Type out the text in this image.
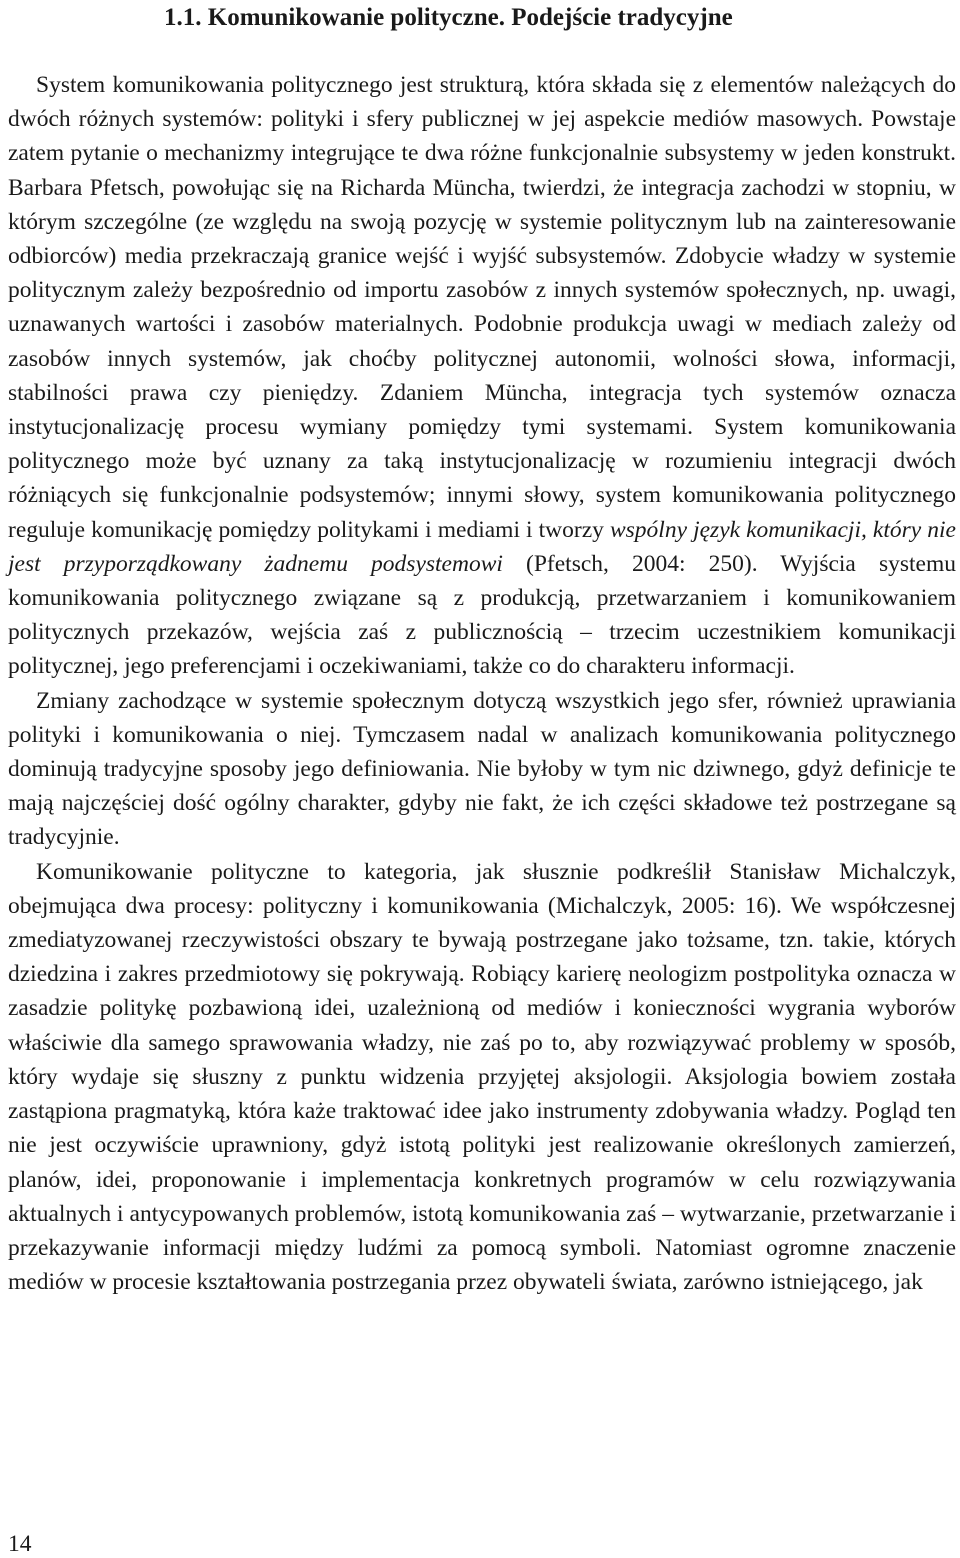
1.1. Komunikowanie polityczne. Podejście tradycyjne

System komunikowania politycznego jest strukturą, która składa się z elementów należących do dwóch różnych systemów: polityki i sfery publicznej w jej aspekcie mediów masowych. Powstaje zatem pytanie o mechanizmy integrujące te dwa różne funkcjonalnie subsystemy w jeden konstrukt. Barbara Pfetsch, powołując się na Richarda Müncha, twierdzi, że integracja zachodzi w stopniu, w którym szczególne (ze względu na swoją pozycję w systemie politycznym lub na zainteresowanie odbiorców) media przekraczają granice wejść i wyjść subsystemów. Zdobycie władzy w systemie politycznym zależy bezpośrednio od importu zasobów z innych systemów społecznych, np. uwagi, uznawanych wartości i zasobów materialnych. Podobnie produkcja uwagi w mediach zależy od zasobów innych systemów, jak choćby politycznej autonomii, wolności słowa, informacji, stabilności prawa czy pieniędzy. Zdaniem Müncha, integracja tych systemów oznacza instytucjonalizację procesu wymiany pomiędzy tymi systemami. System komunikowania politycznego może być uznany za taką instytucjonalizację w rozumieniu integracji dwóch różniących się funkcjonalnie podsystemów; innymi słowy, system komunikowania politycznego reguluje komunikację pomiędzy politykami i mediami i tworzy wspólny język komunikacji, który nie jest przyporządkowany żadnemu podsystemowi (Pfetsch, 2004: 250). Wyjścia systemu komunikowania politycznego związane są z produkcją, przetwarzaniem i komunikowaniem politycznych przekazów, wejścia zaś z publicznością – trzecim uczestnikiem komunikacji politycznej, jego preferencjami i oczekiwaniami, także co do charakteru informacji.

Zmiany zachodzące w systemie społecznym dotyczą wszystkich jego sfer, również uprawiania polityki i komunikowania o niej. Tymczasem nadal w analizach komunikowania politycznego dominują tradycyjne sposoby jego definiowania. Nie byłoby w tym nic dziwnego, gdyż definicje te mają najczęściej dość ogólny charakter, gdyby nie fakt, że ich części składowe też postrzegane są tradycyjnie.

Komunikowanie polityczne to kategoria, jak słusznie podkreślił Stanisław Michalczyk, obejmująca dwa procesy: polityczny i komunikowania (Michalczyk, 2005: 16). We współczesnej zmediatyzowanej rzeczywistości obszary te bywają postrzegane jako tożsame, tzn. takie, których dziedzina i zakres przedmiotowy się pokrywają. Robiący karierę neologizm postpolityka oznacza w zasadzie politykę pozbawioną idei, uzależnioną od mediów i konieczności wygrania wyborów właściwie dla samego sprawowania władzy, nie zaś po to, aby rozwiązywać problemy w sposób, który wydaje się słuszny z punktu widzenia przyjętej aksjologii. Aksjologia bowiem została zastąpiona pragmatyką, która każe traktować idee jako instrumenty zdobywania władzy. Pogląd ten nie jest oczywiście uprawniony, gdyż istotą polityki jest realizowanie określonych zamierzeń, planów, idei, proponowanie i implementacja konkretnych programów w celu rozwiązywania aktualnych i antycypowanych problemów, istotą komunikowania zaś – wytwarzanie, przetwarzanie i przekazywanie informacji między ludźmi za pomocą symboli. Natomiast ogromne znaczenie mediów w procesie kształtowania postrzegania przez obywateli świata, zarówno istniejącego, jak

14
